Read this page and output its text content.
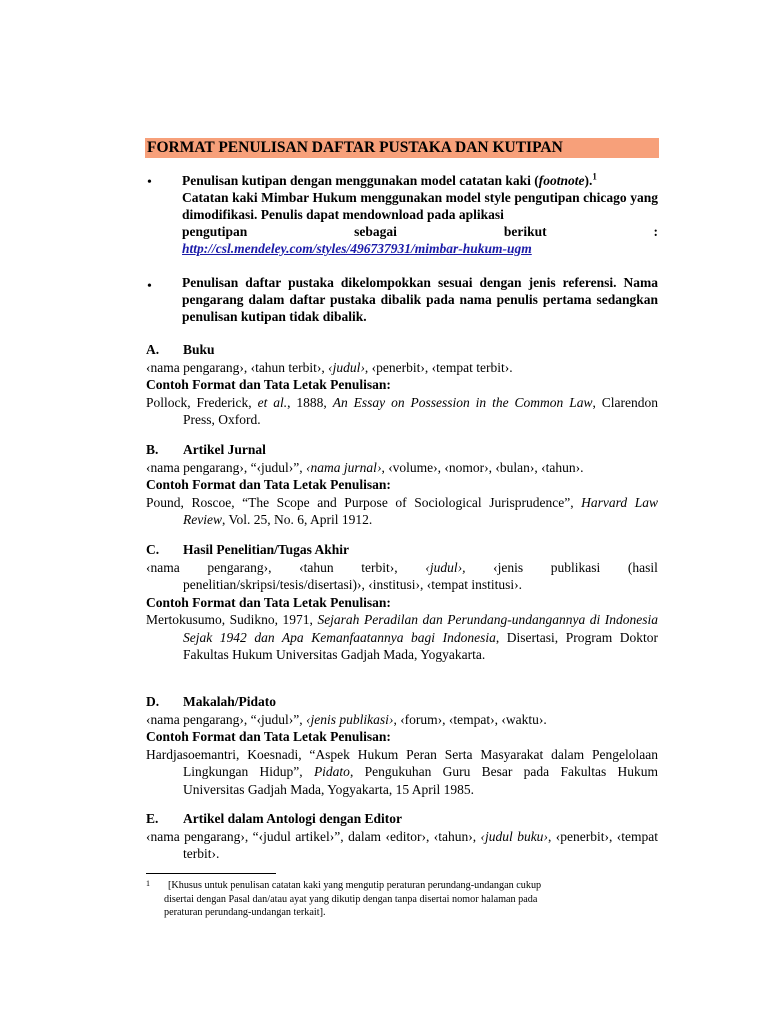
FORMAT PENULISAN DAFTAR PUSTAKA DAN KUTIPAN
• Penulisan kutipan dengan menggunakan model catatan kaki (footnote).$^1$
Catatan kaki Mimbar Hukum menggunakan model style pengutipan chicago yang dimodifikasi. Penulis dapat mendownload pada aplikasi
pengutipan	sebagai	berikut	:
http://csl.mendeley.com/styles/496737931/mimbar-hukum-ugm
• Penulisan daftar pustaka dikelompokkan sesuai dengan jenis referensi. Nama pengarang dalam daftar pustaka dibalik pada nama penulis pertama sedangkan penulisan kutipan tidak dibalik.
A.	Buku
‹nama pengarang›, ‹tahun terbit›, ‹judul›, ‹penerbit›, ‹tempat terbit›.
Contoh Format dan Tata Letak Penulisan:
Pollock, Frederick, et al., 1888, An Essay on Possession in the Common Law, Clarendon Press, Oxford.
B.	Artikel Jurnal
‹nama pengarang›, “‹judul›”, ‹nama jurnal›, ‹volume›, ‹nomor›, ‹bulan›, ‹tahun›.
Contoh Format dan Tata Letak Penulisan:
Pound, Roscoe, “The Scope and Purpose of Sociological Jurisprudence”, Harvard Law Review, Vol. 25, No. 6, April 1912.
C.	Hasil Penelitian/Tugas Akhir
‹nama pengarang›, ‹tahun terbit›, ‹judul›, ‹jenis publikasi (hasil
penelitian/skripsi/tesis/disertasi)›, ‹institusi›, ‹tempat institusi›.
Contoh Format dan Tata Letak Penulisan:
Mertokusumo, Sudikno, 1971, Sejarah Peradilan dan Perundang-undangannya di Indonesia Sejak 1942 dan Apa Kemanfaatannya bagi Indonesia, Disertasi, Program Doktor Fakultas Hukum Universitas Gadjah Mada, Yogyakarta.
D.	Makalah/Pidato
‹nama pengarang›, “‹judul›”, ‹jenis publikasi›, ‹forum›, ‹tempat›, ‹waktu›.
Contoh Format dan Tata Letak Penulisan:
Hardjasoemantri, Koesnadi, “Aspek Hukum Peran Serta Masyarakat dalam Pengelolaan Lingkungan Hidup”, Pidato, Pengukuhan Guru Besar pada Fakultas Hukum Universitas Gadjah Mada, Yogyakarta, 15 April 1985.
E.	Artikel dalam Antologi dengan Editor
‹nama pengarang›, “‹judul artikel›”, dalam ‹editor›, ‹tahun›, ‹judul buku›, ‹penerbit›, ‹tempat terbit›.
1	[Khusus untuk penulisan catatan kaki yang mengutip peraturan perundang-undangan cukup
disertai dengan Pasal dan/atau ayat yang dikutip dengan tanpa disertai nomor halaman pada
peraturan perundang-undangan terkait].
